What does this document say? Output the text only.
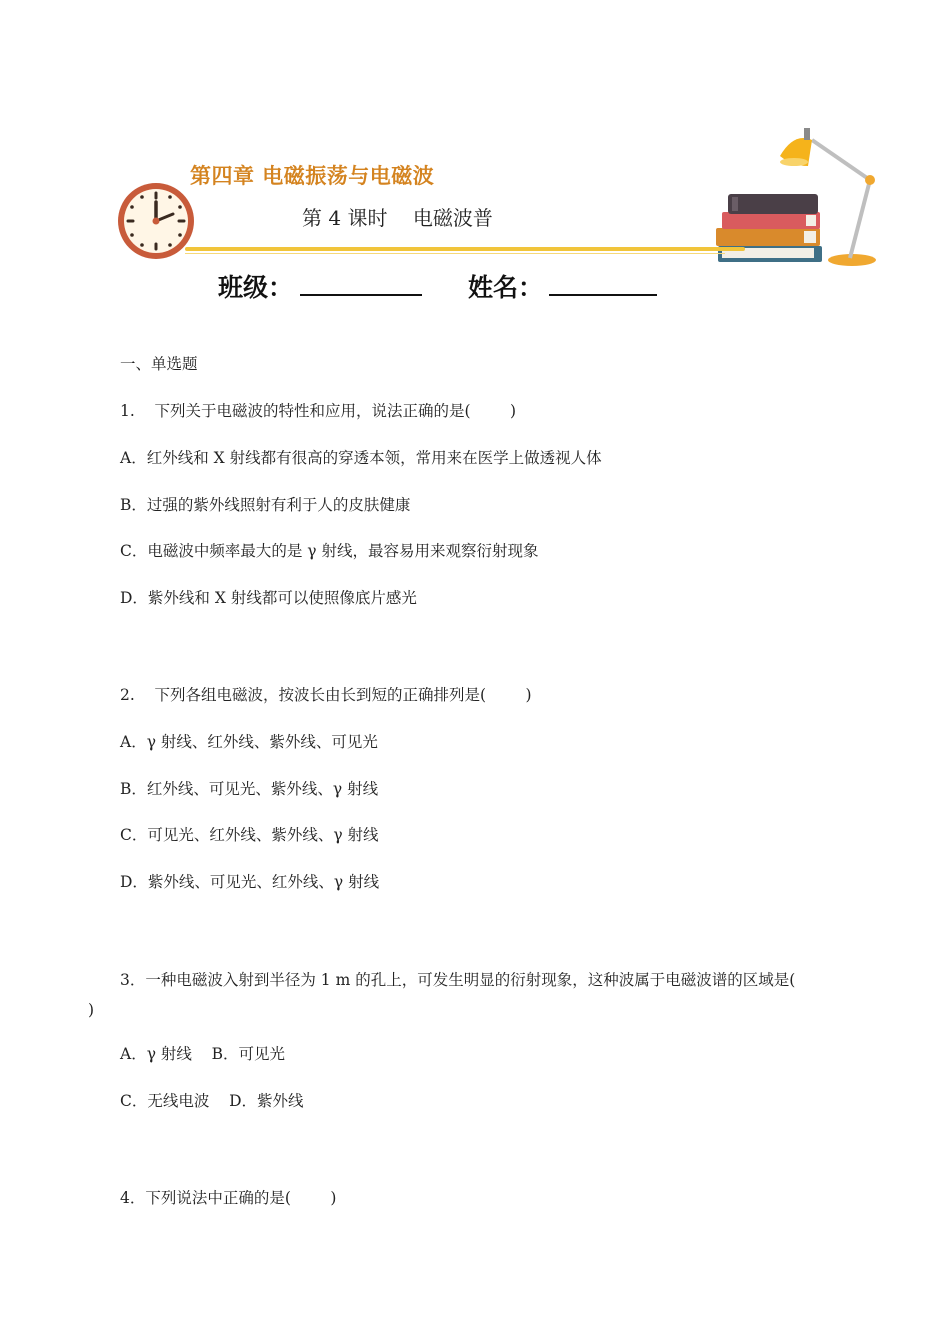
第四章 电磁振荡与电磁波
第 4 课时    电磁波普
班级：	姓名：
一、单选题
1.    下列关于电磁波的特性和应用，说法正确的是(        )
A．红外线和 X 射线都有很高的穿透本领，常用来在医学上做透视人体
B．过强的紫外线照射有利于人的皮肤健康
C．电磁波中频率最大的是 γ 射线，最容易用来观察衍射现象
D．紫外线和 X 射线都可以使照像底片感光
2.    下列各组电磁波，按波长由长到短的正确排列是(        )
A．γ 射线、红外线、紫外线、可见光
B．红外线、可见光、紫外线、γ 射线
C．可见光、红外线、紫外线、γ 射线
D．紫外线、可见光、红外线、γ 射线
3．一种电磁波入射到半径为 1 m 的孔上，可发生明显的衍射现象，这种波属于电磁波谱的区域是(
)
A．γ 射线    B．可见光
C．无线电波    D．紫外线
4．下列说法中正确的是(        )
